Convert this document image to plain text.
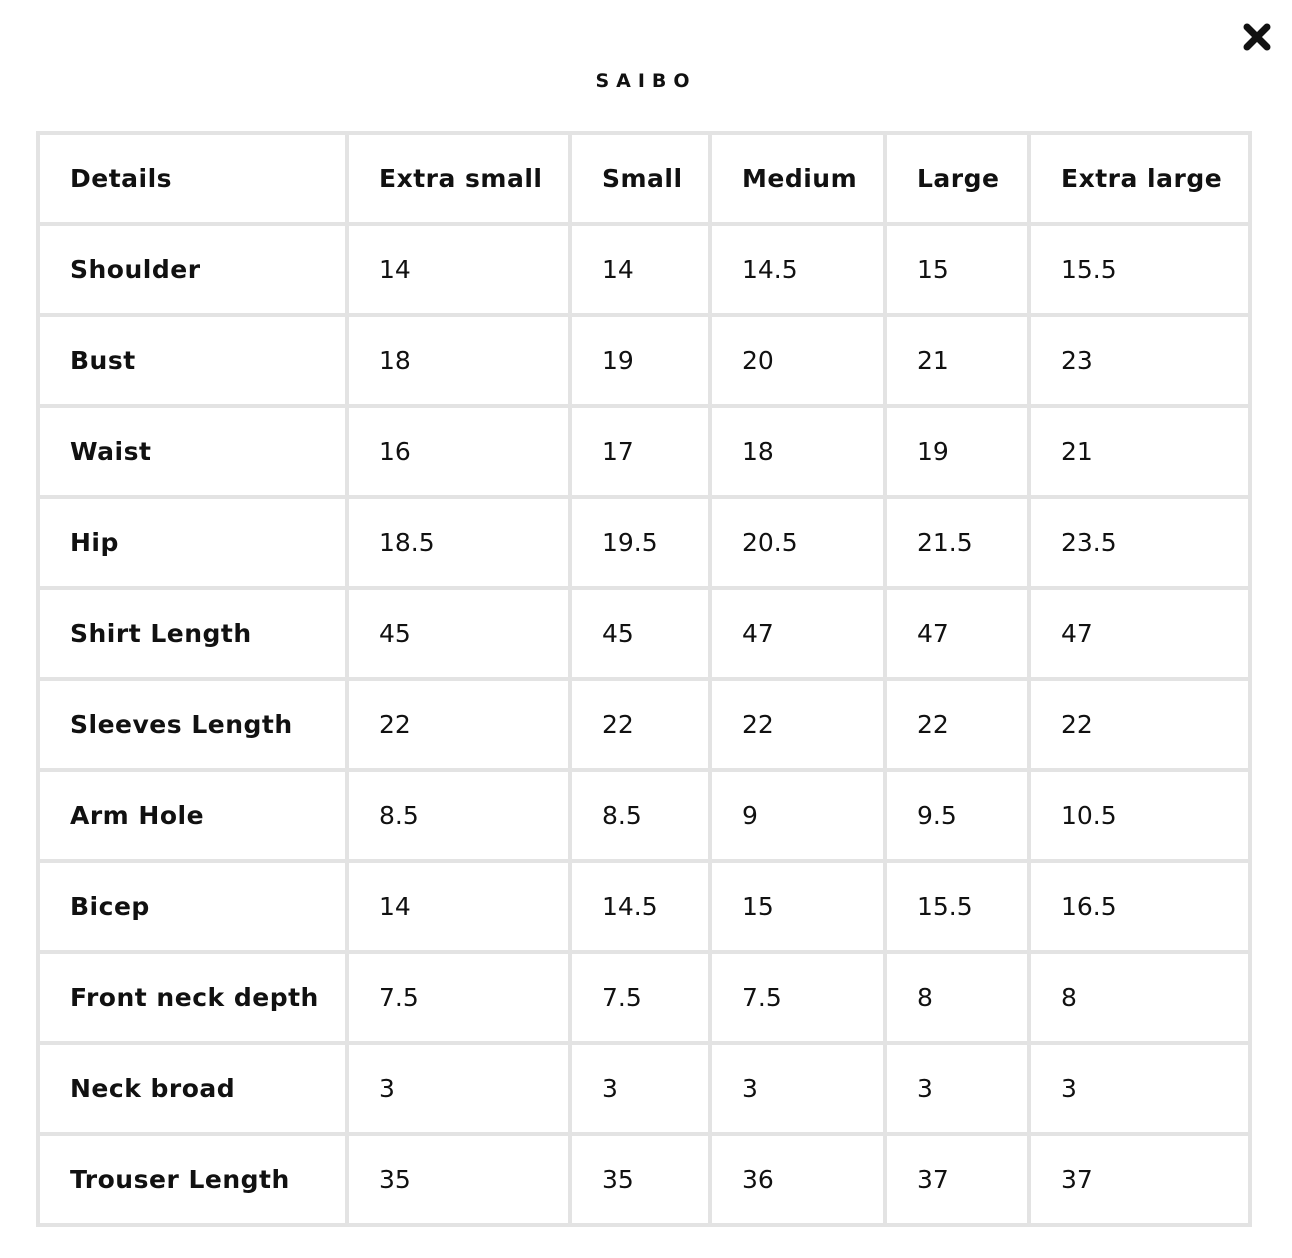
SAIBO
Details	Extra small	Small	Medium	Large	Extra large
Shoulder	14	14	14.5	15	15.5
Bust	18	19	20	21	23
Waist	16	17	18	19	21
Hip	18.5	19.5	20.5	21.5	23.5
Shirt Length	45	45	47	47	47
Sleeves Length	22	22	22	22	22
Arm Hole	8.5	8.5	9	9.5	10.5
Bicep	14	14.5	15	15.5	16.5
Front neck depth	7.5	7.5	7.5	8	8
Neck broad	3	3	3	3	3
Trouser Length	35	35	36	37	37
